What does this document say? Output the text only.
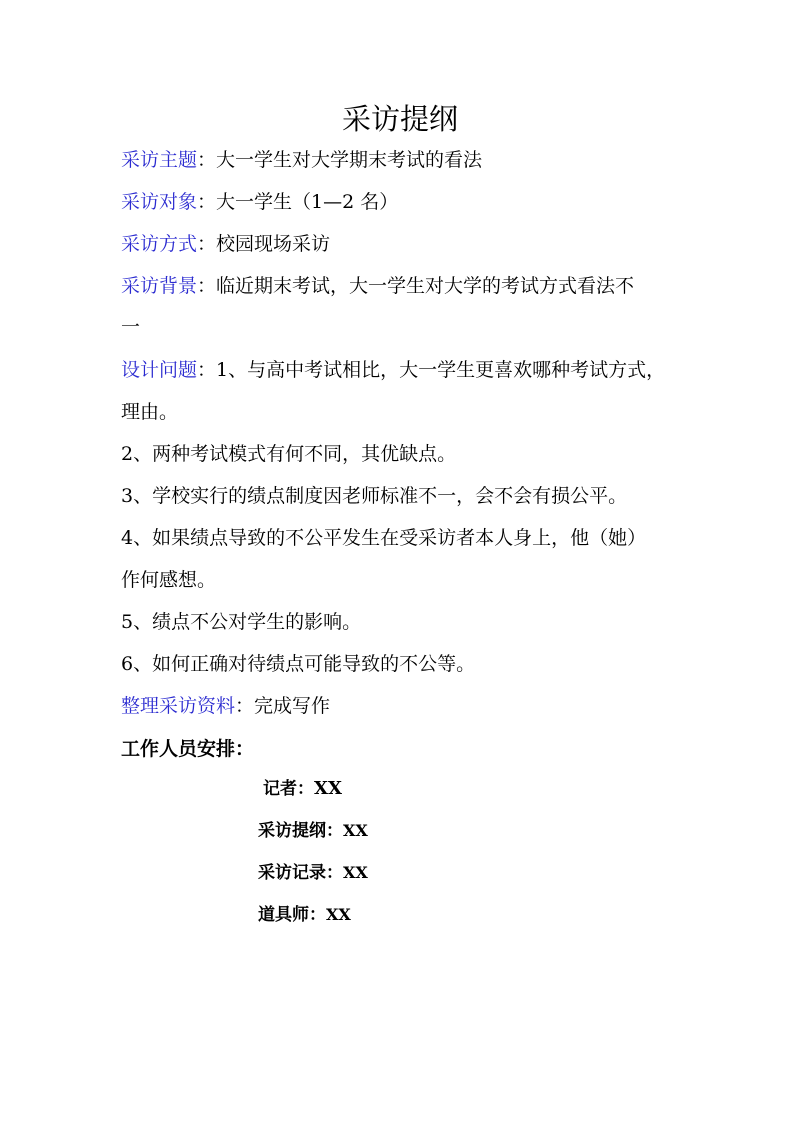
采访提纲
采访主题：大一学生对大学期末考试的看法
采访对象：大一学生（1—2 名）
采访方式：校园现场采访
采访背景：临近期末考试，大一学生对大学的考试方式看法不
一
设计问题：1、与高中考试相比，大一学生更喜欢哪种考试方式，
理由。
2、两种考试模式有何不同，其优缺点。
3、学校实行的绩点制度因老师标准不一，会不会有损公平。
4、如果绩点导致的不公平发生在受采访者本人身上，他（她）
作何感想。
5、绩点不公对学生的影响。
6、如何正确对待绩点可能导致的不公等。
整理采访资料：完成写作
工作人员安排：
记者：XX
采访提纲：XX
采访记录：XX
道具师：XX
